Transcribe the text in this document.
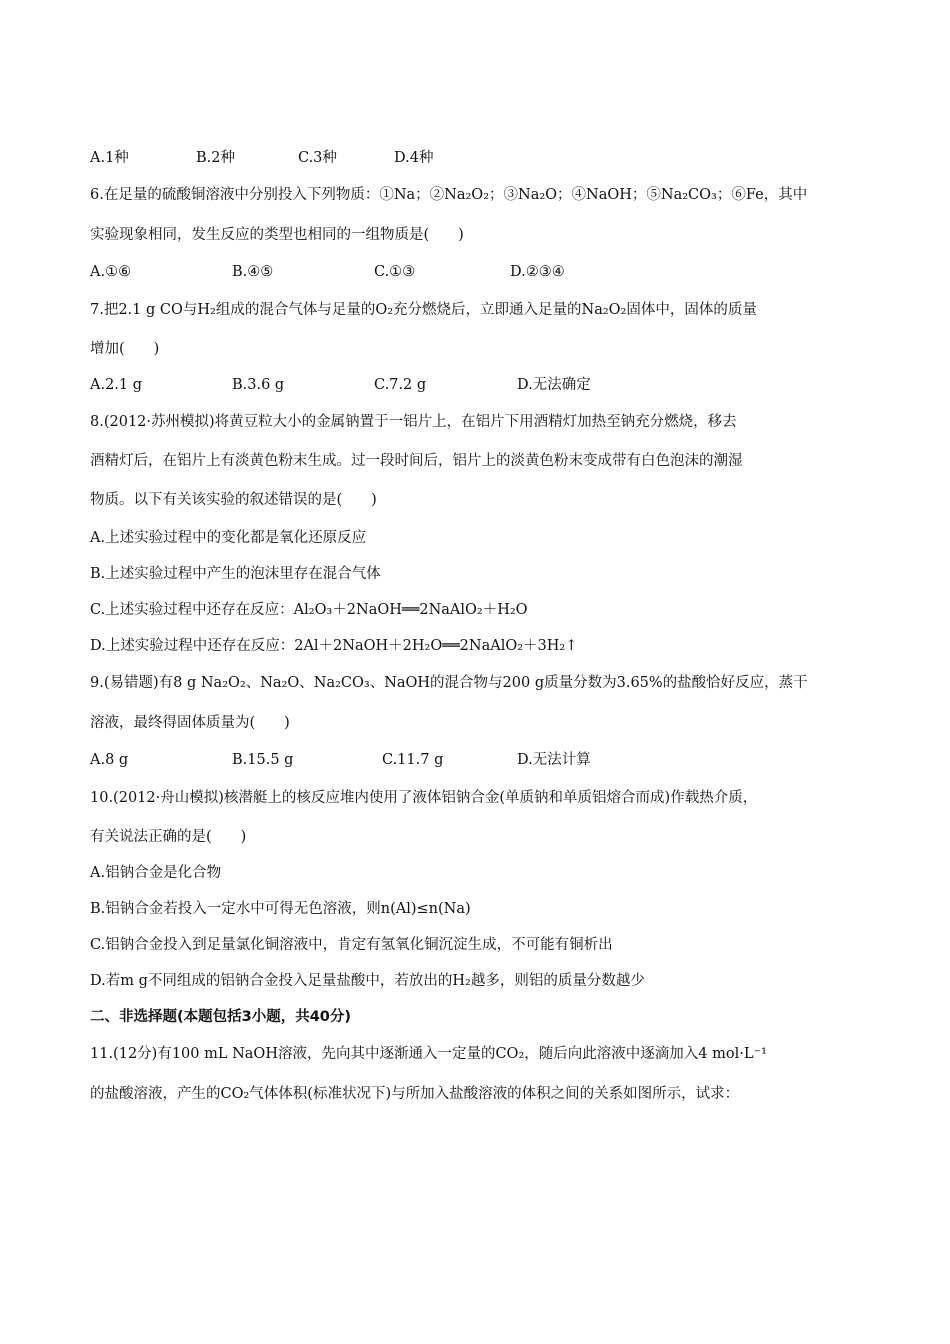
A.1种	B.2种	C.3种	D.4种
6.在足量的硫酸铜溶液中分别投入下列物质：①Na；②Na₂O₂；③Na₂O；④NaOH；⑤Na₂CO₃；⑥Fe，其中
实验现象相同，发生反应的类型也相同的一组物质是(　　)
A.①⑥	B.④⑤	C.①③	D.②③④
7.把2.1 g CO与H₂组成的混合气体与足量的O₂充分燃烧后，立即通入足量的Na₂O₂固体中，固体的质量
增加(　　)
A.2.1 g	B.3.6 g	C.7.2 g	D.无法确定
8.(2012·苏州模拟)将黄豆粒大小的金属钠置于一铝片上，在铝片下用酒精灯加热至钠充分燃烧，移去
酒精灯后，在铝片上有淡黄色粉末生成。过一段时间后，铝片上的淡黄色粉末变成带有白色泡沫的潮湿
物质。以下有关该实验的叙述错误的是(　　)
A.上述实验过程中的变化都是氧化还原反应
B.上述实验过程中产生的泡沫里存在混合气体
C.上述实验过程中还存在反应：Al₂O₃＋2NaOH══2NaAlO₂＋H₂O
D.上述实验过程中还存在反应：2Al＋2NaOH＋2H₂O══2NaAlO₂＋3H₂↑
9.(易错题)有8 g Na₂O₂、Na₂O、Na₂CO₃、NaOH的混合物与200 g质量分数为3.65%的盐酸恰好反应，蒸干
溶液，最终得固体质量为(　　)
A.8 g	B.15.5 g	C.11.7 g	D.无法计算
10.(2012·舟山模拟)核潜艇上的核反应堆内使用了液体铝钠合金(单质钠和单质铝熔合而成)作载热介质，
有关说法正确的是(　　)
A.铝钠合金是化合物
B.铝钠合金若投入一定水中可得无色溶液，则n(Al)≤n(Na)
C.铝钠合金投入到足量氯化铜溶液中，肯定有氢氧化铜沉淀生成，不可能有铜析出
D.若m g不同组成的铝钠合金投入足量盐酸中，若放出的H₂越多，则铝的质量分数越少
二、非选择题(本题包括3小题，共40分)
11.(12分)有100 mL NaOH溶液，先向其中逐渐通入一定量的CO₂，随后向此溶液中逐滴加入4 mol·L⁻¹
的盐酸溶液，产生的CO₂气体体积(标准状况下)与所加入盐酸溶液的体积之间的关系如图所示，试求：
